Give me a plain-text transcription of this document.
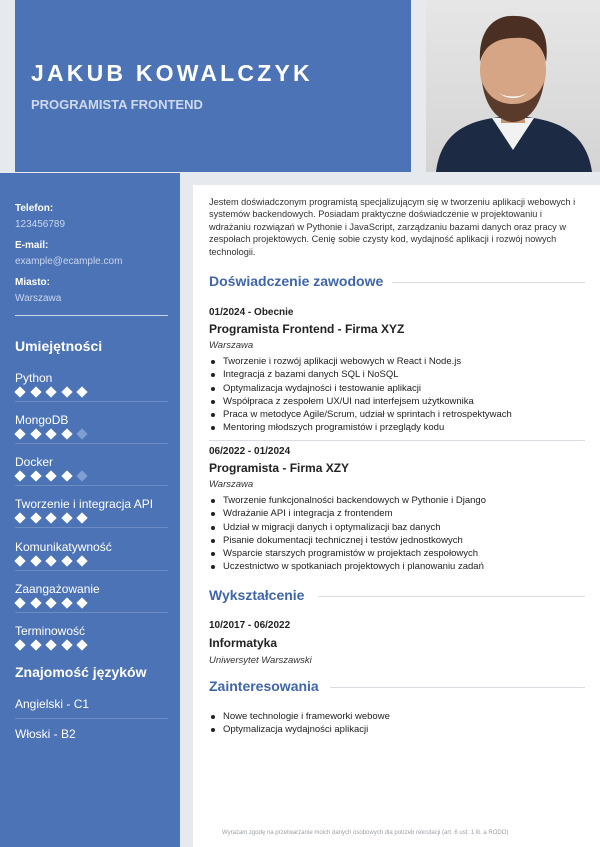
JAKUB KOWALCZYK
PROGRAMISTA FRONTEND
Telefon:
123456789
E-mail:
example@ecample.com
Miasto:
Warszawa
Umiejętności
Python
MongoDB
Docker
Tworzenie i integracja API
Komunikatywność
Zaangażowanie
Terminowość
Znajomość języków
Angielski - C1
Włoski - B2
Jestem doświadczonym programistą specjalizującym się w tworzeniu aplikacji webowych i systemów backendowych. Posiadam praktyczne doświadczenie w projektowaniu i wdrażaniu rozwiązań w Pythonie i JavaScript, zarządzaniu bazami danych oraz pracy w zespołach projektowych. Cenię sobie czysty kod, wydajność aplikacji i rozwój nowych technologii.
Doświadczenie zawodowe
01/2024 - Obecnie
Programista Frontend - Firma XYZ
Warszawa
Tworzenie i rozwój aplikacji webowych w React i Node.js
Integracja z bazami danych SQL i NoSQL
Optymalizacja wydajności i testowanie aplikacji
Współpraca z zespołem UX/UI nad interfejsem użytkownika
Praca w metodyce Agile/Scrum, udział w sprintach i retrospektywach
Mentoring młodszych programistów i przeglądy kodu
06/2022 - 01/2024
Programista - Firma XZY
Warszawa
Tworzenie funkcjonalności backendowych w Pythonie i Django
Wdrażanie API i integracja z frontendem
Udział w migracji danych i optymalizacji baz danych
Pisanie dokumentacji technicznej i testów jednostkowych
Wsparcie starszych programistów w projektach zespołowych
Uczestnictwo w spotkaniach projektowych i planowaniu zadań
Wykształcenie
10/2017 - 06/2022
Informatyka
Uniwersytet Warszawski
Zainteresowania
Nowe technologie i frameworki webowe
Optymalizacja wydajności aplikacji
Wyrażam zgodę na przetwarzanie moich danych osobowych dla potrzeb rekrutacji (art. 6 ust. 1 lit. a RODO)
